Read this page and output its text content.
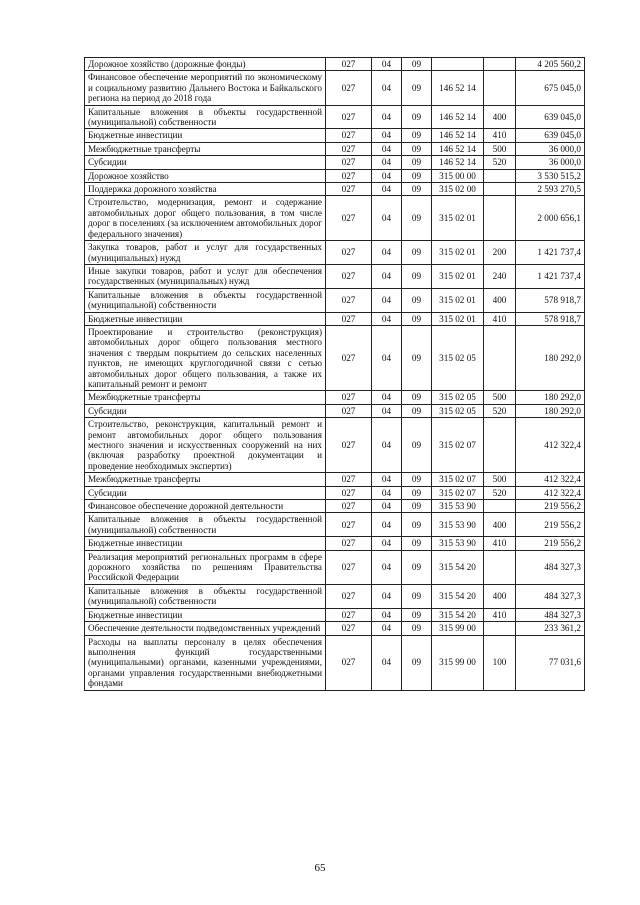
Дорожное хозяйство (дорожные фонды)	027	04	09			4 205 560,2
Финансовое обеспечение мероприятий по экономическому и социальному развитию Дальнего Востока и Байкальского региона на период до 2018 года	027	04	09	146 52 14		675 045,0
Капитальные вложения в объекты государственной (муниципальной) собственности	027	04	09	146 52 14	400	639 045,0
Бюджетные инвестиции	027	04	09	146 52 14	410	639 045,0
Межбюджетные трансферты	027	04	09	146 52 14	500	36 000,0
Субсидии	027	04	09	146 52 14	520	36 000,0
Дорожное хозяйство	027	04	09	315 00 00		3 530 515,2
Поддержка дорожного хозяйства	027	04	09	315 02 00		2 593 270,5
Строительство, модернизация, ремонт и содержание автомобильных дорог общего пользования, в том числе дорог в поселениях (за исключением автомобильных дорог федерального значения)	027	04	09	315 02 01		2 000 656,1
Закупка товаров, работ и услуг для государственных (муниципальных) нужд	027	04	09	315 02 01	200	1 421 737,4
Иные закупки товаров, работ и услуг для обеспечения государственных (муниципальных) нужд	027	04	09	315 02 01	240	1 421 737,4
Капитальные вложения в объекты государственной (муниципальной) собственности	027	04	09	315 02 01	400	578 918,7
Бюджетные инвестиции	027	04	09	315 02 01	410	578 918,7
Проектирование и строительство (реконструкция) автомобильных дорог общего пользования местного значения с твердым покрытием до сельских населенных пунктов, не имеющих круглогодичной связи с сетью автомобильных дорог общего пользования, а также их капитальный ремонт и ремонт	027	04	09	315 02 05		180 292,0
Межбюджетные трансферты	027	04	09	315 02 05	500	180 292,0
Субсидии	027	04	09	315 02 05	520	180 292,0
Строительство, реконструкция, капитальный ремонт и ремонт автомобильных дорог общего пользования местного значения и искусственных сооружений на них (включая разработку проектной документации и проведение необходимых экспертиз)	027	04	09	315 02 07		412 322,4
Межбюджетные трансферты	027	04	09	315 02 07	500	412 322,4
Субсидии	027	04	09	315 02 07	520	412 322,4
Финансовое обеспечение дорожной деятельности	027	04	09	315 53 90		219 556,2
Капитальные вложения в объекты государственной (муниципальной) собственности	027	04	09	315 53 90	400	219 556,2
Бюджетные инвестиции	027	04	09	315 53 90	410	219 556,2
Реализация мероприятий региональных программ в сфере дорожного хозяйства по решениям Правительства Российской Федерации	027	04	09	315 54 20		484 327,3
Капитальные вложения в объекты государственной (муниципальной) собственности	027	04	09	315 54 20	400	484 327,3
Бюджетные инвестиции	027	04	09	315 54 20	410	484 327,3
Обеспечение деятельности подведомственных учреждений	027	04	09	315 99 00		233 361,2
Расходы на выплаты персоналу в целях обеспечения выполнения функций государственными (муниципальными) органами, казенными учреждениями, органами управления государственными внебюджетными фондами	027	04	09	315 99 00	100	77 031,6
65
